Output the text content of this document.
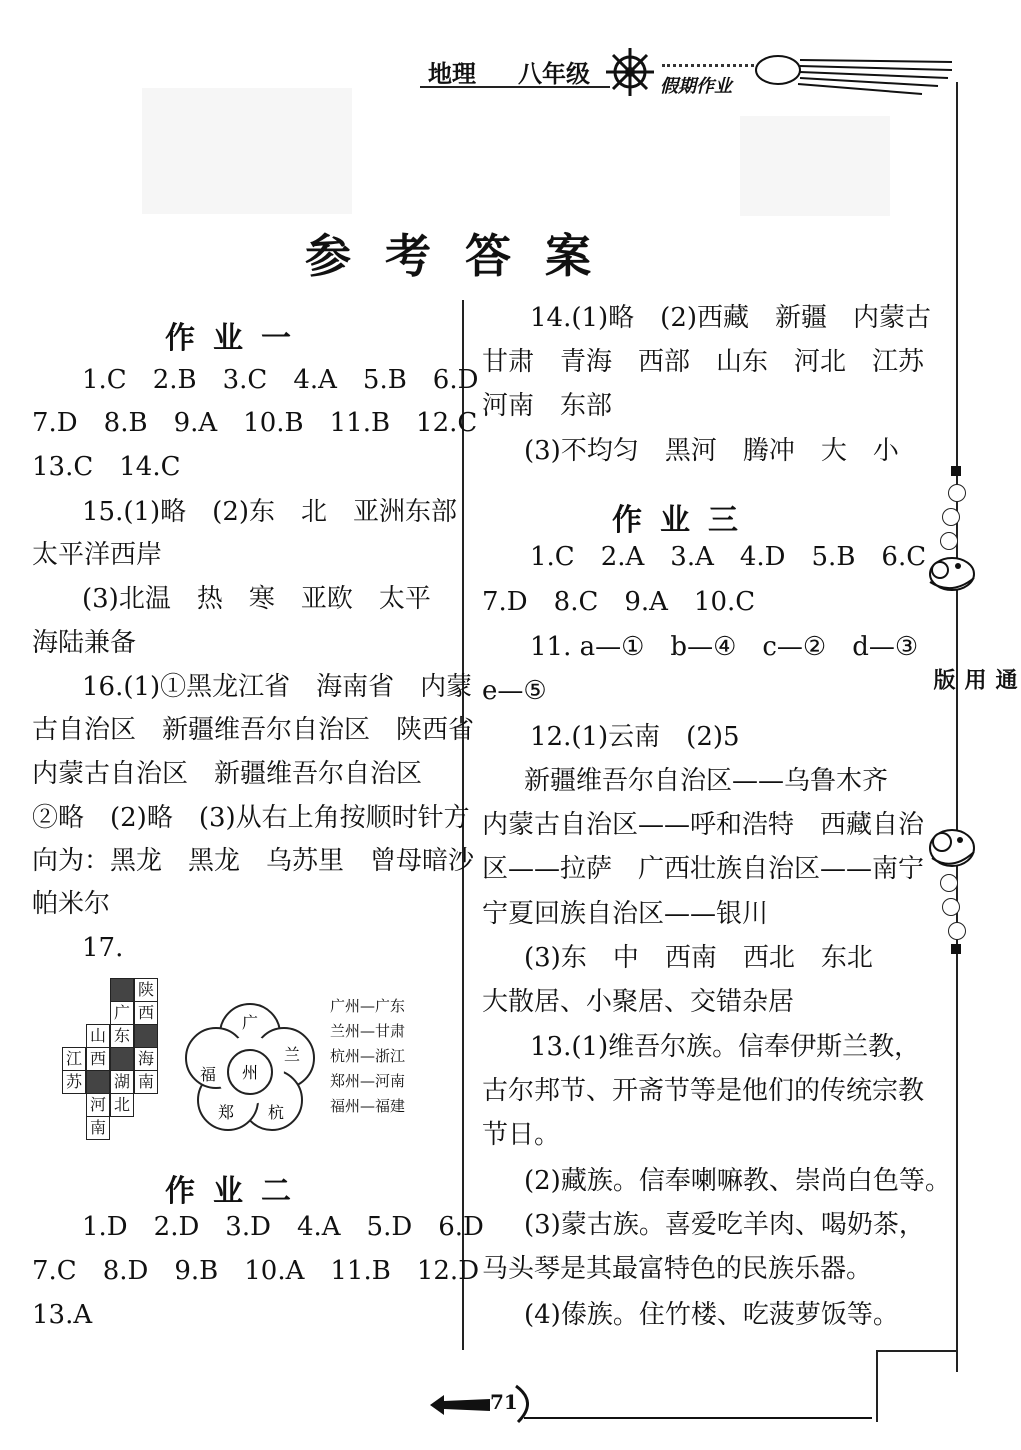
地理 八年级	假期作业
参考答案
作业一
1.C　2.B　3.C　4.A　5.B　6.D
7.D　8.B　9.A　10.B　11.B　12.C
13.C　14.C
15.(1)略　(2)东　北　亚洲东部
太平洋西岸
(3)北温　热　寒　亚欧　太平
海陆兼备
16.(1)①黑龙江省　海南省　内蒙
古自治区　新疆维吾尔自治区　陕西省
内蒙古自治区　新疆维吾尔自治区
②略　(2)略　(3)从右上角按顺时针方
向为：黑龙　黑龙　乌苏里　曾母暗沙
帕米尔
17.
陕
广 西
山 东
江 西 海
苏 湖 南
河 北
南
州
广
兰
杭
郑
福
广州—广东
兰州—甘肃
杭州—浙江
郑州—河南
福州—福建
作业二
1.D　2.D　3.D　4.A　5.D　6.D
7.C　8.D　9.B　10.A　11.B　12.D
13.A
14.(1)略　(2)西藏　新疆　内蒙古
甘肃　青海　西部　山东　河北　江苏
河南　东部
(3)不均匀　黑河　腾冲　大　小
作业三
1.C　2.A　3.A　4.D　5.B　6.C
7.D　8.C　9.A　10.C
11. a—①　b—④　c—②　d—③
e—⑤
12.(1)云南　(2)5
新疆维吾尔自治区——乌鲁木齐
内蒙古自治区——呼和浩特　西藏自治
区——拉萨　广西壮族自治区——南宁
宁夏回族自治区——银川
(3)东　中　西南　西北　东北
大散居、小聚居、交错杂居
13.(1)维吾尔族。信奉伊斯兰教，
古尔邦节、开斋节等是他们的传统宗教
节日。
(2)藏族。信奉喇嘛教、崇尚白色等。
(3)蒙古族。喜爱吃羊肉、喝奶茶，
马头琴是其最富特色的民族乐器。
(4)傣族。住竹楼、吃菠萝饭等。
通用版
71
